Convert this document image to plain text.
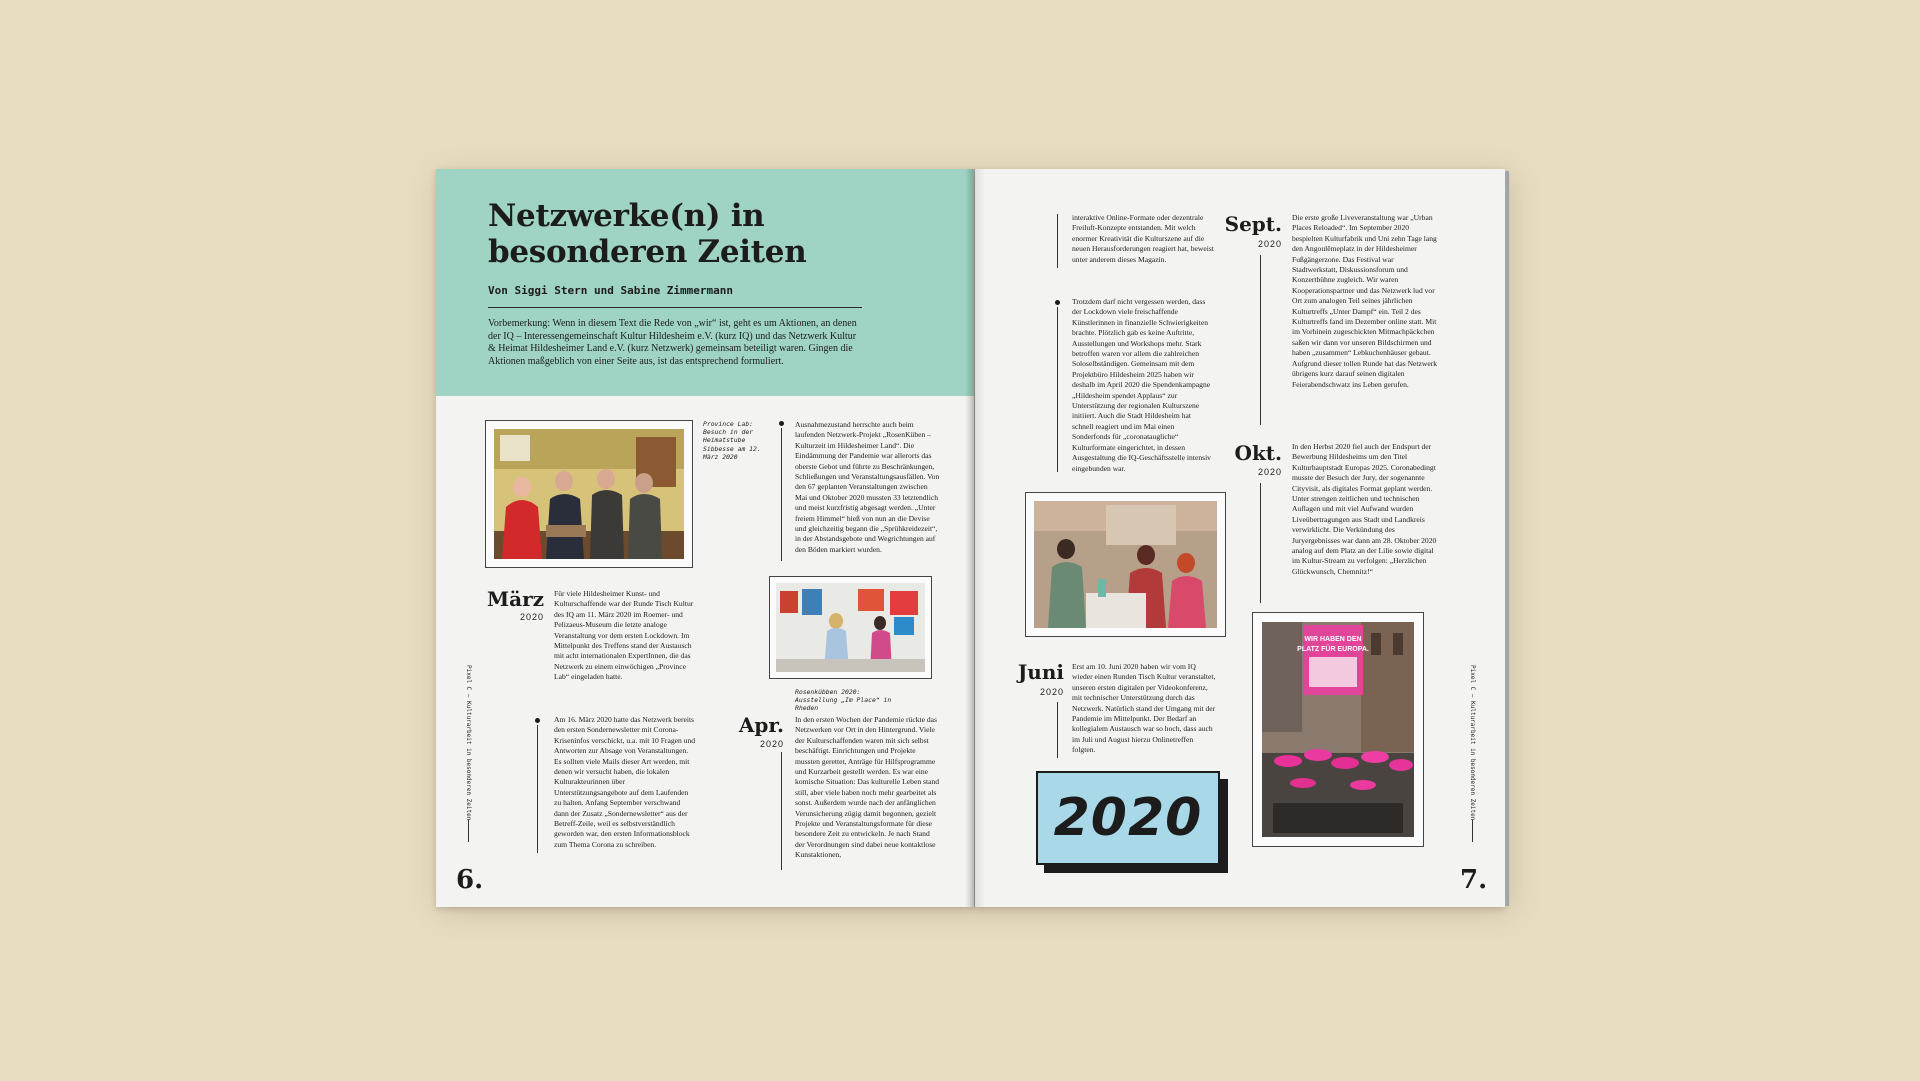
Netzwerke(n) in besonderen Zeiten
Von Siggi Stern und Sabine Zimmermann

Vorbemerkung: Wenn in diesem Text die Rede von „wir“ ist, geht es um Aktionen, an denen der IQ – Interessengemeinschaft Kultur Hildesheim e.V. (kurz IQ) und das Netzwerk Kultur & Heimat Hildesheimer Land e.V. (kurz Netzwerk) gemeinsam beteiligt waren. Gingen die Aktionen maßgeblich von einer Seite aus, ist das entsprechend formuliert.

Province Lab: Besuch in der Heimatstube Sibbesse am 12. März 2020

Ausnahmezustand herrschte auch beim laufenden Netzwerk-Projekt „RosenKüben – Kulturzeit im Hildesheimer Land“. Die Eindämmung der Pandemie war allerorts das oberste Gebot und führte zu Beschränkungen, Schließungen und Veranstaltungsausfällen. Von den 67 geplanten Veranstaltungen zwischen Mai und Oktober 2020 mussten 33 letztendlich und meist kurzfristig abgesagt werden. „Unter freiem Himmel“ hieß von nun an die Devise und gleichzeitig begann die „Sprühkreidezeit“, in der Abstandsgebote und Wegrichtungen auf den Böden markiert wurden.

Rosenkübben 2020: Ausstellung „Im Place“ in Rheden

März
2020

Für viele Hildesheimer Kunst- und Kulturschaffende war der Runde Tisch Kultur des IQ am 11. März 2020 im Roemer- und Pelizaeus-Museum die letzte analoge Veranstaltung vor dem ersten Lockdown. Im Mittelpunkt des Treffens stand der Austausch mit acht internationalen ExpertInnen, die das Netzwerk zu einem einwöchigen „Province Lab“ eingeladen hatte.

Am 16. März 2020 hatte das Netzwerk bereits den ersten Sondernewsletter mit Corona-Kriseninfos verschickt, u.a. mit 10 Fragen und Antworten zur Absage von Veranstaltungen. Es sollten viele Mails dieser Art werden, mit denen wir versucht haben, die lokalen Kulturakteurinnen über Unterstützungsangebote auf dem Laufenden zu halten. Anfang September verschwand dann der Zusatz „Sondernewsletter“ aus der Betreff-Zeile, weil es selbstverständlich geworden war, den ersten Informationsblock zum Thema Corona zu schreiben.

Apr.
2020

In den ersten Wochen der Pandemie rückte das Netzwerken vor Ort in den Hintergrund. Viele der Kulturschaffenden waren mit sich selbst beschäftigt. Einrichtungen und Projekte mussten gerettet, Anträge für Hilfsprogramme und Kurzarbeit gestellt werden. Es war eine komische Situation: Das kulturelle Leben stand still, aber viele haben noch mehr gearbeitet als sonst. Außerdem wurde nach der anfänglichen Verunsicherung zügig damit begonnen, gezielt Projekte und Veranstaltungsformate für diese besondere Zeit zu entwickeln. Je nach Stand der Verordnungen sind dabei neue kontaktlose Kunstaktionen,

Pixel C – Kulturarbeit in besonderen Zeiten
6.

interaktive Online-Formate oder dezentrale Freiluft-Konzepte entstanden. Mit welch enormer Kreativität die Kulturszene auf die neuen Herausforderungen reagiert hat, beweist unter anderem dieses Magazin.

Trotzdem darf nicht vergessen werden, dass der Lockdown viele freischaffende Künstlerinnen in finanzielle Schwierigkeiten brachte. Plötzlich gab es keine Auftritte, Ausstellungen und Workshops mehr. Stark betroffen waren vor allem die zahlreichen Soloselbständigen. Gemeinsam mit dem Projektbüro Hildesheim 2025 haben wir deshalb im April 2020 die Spendenkampagne „Hildesheim spendet Applaus“ zur Unterstützung der regionalen Kulturszene initiiert. Auch die Stadt Hildesheim hat schnell reagiert und im Mai einen Sonderfonds für „coronataugliche“ Kulturformate eingerichtet, in dessen Ausgestaltung die IQ-Geschäftsstelle intensiv eingebunden war.

Juni
2020

Erst am 10. Juni 2020 haben wir vom IQ wieder einen Runden Tisch Kultur veranstaltet, unseren ersten digitalen per Videokonferenz, mit technischer Unterstützung durch das Netzwerk. Natürlich stand der Umgang mit der Pandemie im Mittelpunkt. Der Bedarf an kollegialem Austausch war so hoch, dass auch im Juli und August hierzu Onlinetreffen folgten.

2020
Sept.
2020

Die erste große Liveveranstaltung war „Urban Places Reloaded“. Im September 2020 bespielten Kulturfabrik und Uni zehn Tage lang den Angoulêmeplatz in der Hildesheimer Fußgängerzone. Das Festival war Stadtwerkstatt, Diskussionsforum und Konzertbühne zugleich. Wir waren Kooperationspartner und das Netzwerk lud vor Ort zum analogen Teil seines jährlichen Kulturtreffs „Unter Dampf“ ein. Teil 2 des Kulturtreffs fand im Dezember online statt. Mit im Vorhinein zugeschickten Mitmachpäckchen saßen wir dann vor unseren Bildschirmen und haben „zusammen“ Lebkuchenhäuser gebaut. Aufgrund dieser tollen Runde hat das Netzwerk übrigens kurz darauf seinen digitalen Feierabendschwatz ins Leben gerufen.

Okt.
2020

In den Herbst 2020 fiel auch der Endspurt der Bewerbung Hildesheims um den Titel Kulturhauptstadt Europas 2025. Coronabedingt musste der Besuch der Jury, der sogenannte Cityvisit, als digitales Format geplant werden. Unter strengen zeitlichen und technischen Auflagen und mit viel Aufwand wurden Liveübertragungen aus Stadt und Landkreis verwirklicht. Die Verkündung des Juryergebnisses war dann am 28. Oktober 2020 analog auf dem Platz an der Lilie sowie digital im Kultur-Stream zu verfolgen: „Herzlichen Glückwunsch, Chemnitz!“

WIR HABEN DEN
PLATZ FÜR EUROPA.
Pixel C – Kulturarbeit in besonderen Zeiten
7.
